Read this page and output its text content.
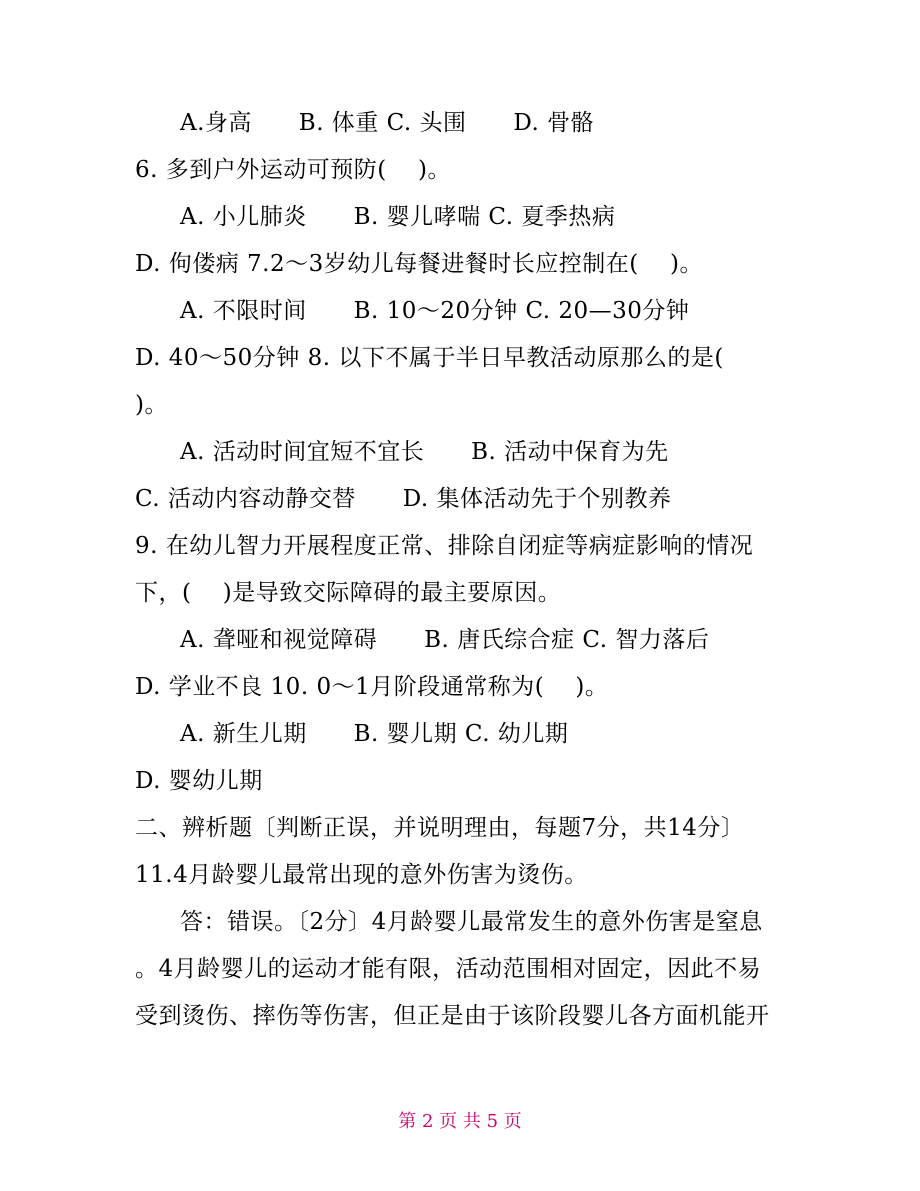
A.身高      B. 体重 C. 头围      D. 骨骼
6. 多到户外运动可预防(    )。
A. 小儿肺炎      B. 婴儿哮喘 C. 夏季热病
D. 佝偻病 7.2～3岁幼儿每餐进餐时长应控制在(    )。
A. 不限时间      B. 10～20分钟 C. 20—30分钟
D. 40～50分钟 8. 以下不属于半日早教活动原那么的是(
)。
A. 活动时间宜短不宜长      B. 活动中保育为先
C. 活动内容动静交替      D. 集体活动先于个别教养
9. 在幼儿智力开展程度正常、排除自闭症等病症影响的情况
下，(    )是导致交际障碍的最主要原因。
A. 聋哑和视觉障碍      B. 唐氏综合症 C. 智力落后
D. 学业不良 10. 0～1月阶段通常称为(    )。
A. 新生儿期      B. 婴儿期 C. 幼儿期
D. 婴幼儿期
二、辨析题〔判断正误，并说明理由，每题7分，共14分〕
11.4月龄婴儿最常出现的意外伤害为烫伤。
答：错误。〔2分〕4月龄婴儿最常发生的意外伤害是窒息
。4月龄婴儿的运动才能有限，活动范围相对固定，因此不易
受到烫伤、摔伤等伤害，但正是由于该阶段婴儿各方面机能开
第 2 页 共 5 页
